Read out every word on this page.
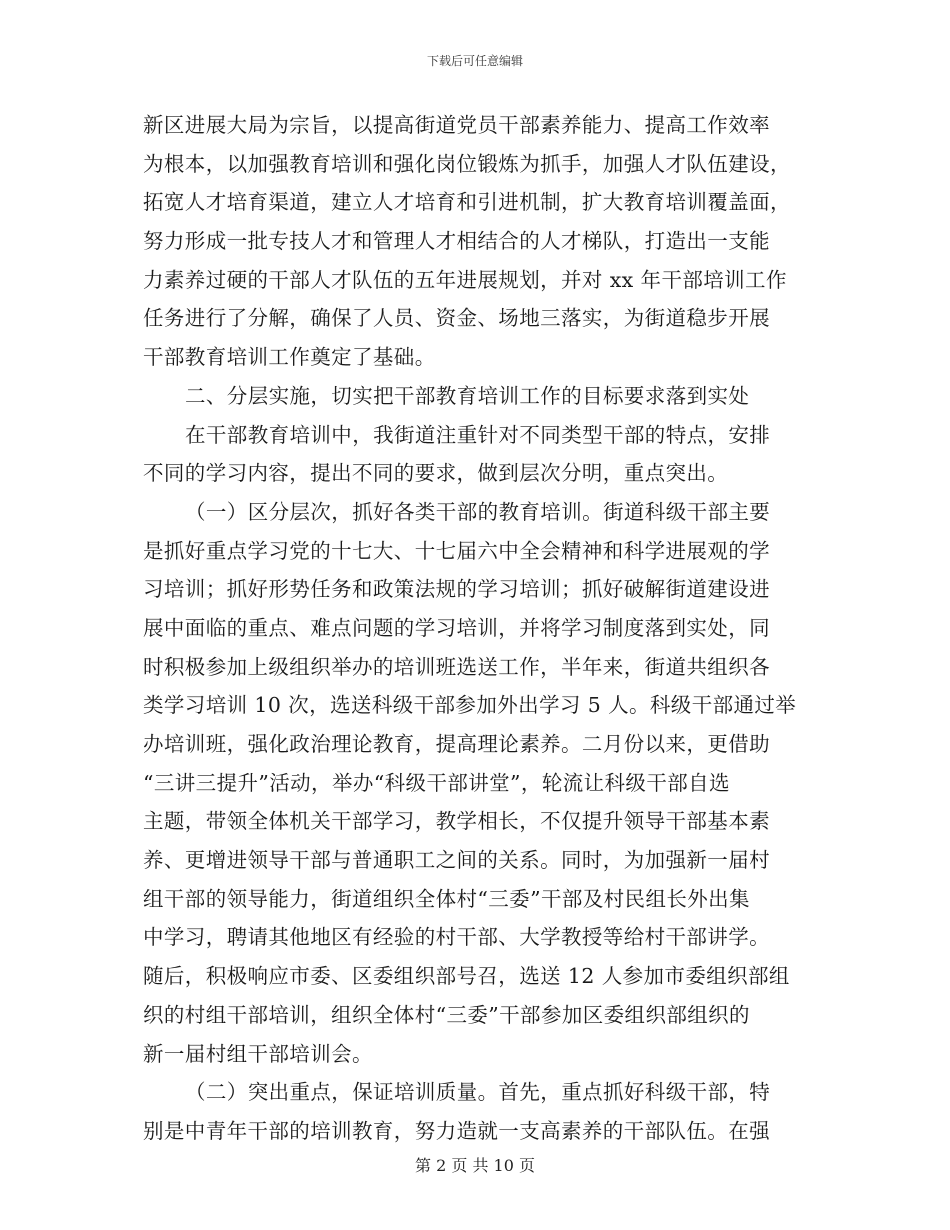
下载后可任意编辑
新区进展大局为宗旨，以提高街道党员干部素养能力、提高工作效率
为根本，以加强教育培训和强化岗位锻炼为抓手，加强人才队伍建设，
拓宽人才培育渠道，建立人才培育和引进机制，扩大教育培训覆盖面，
努力形成一批专技人才和管理人才相结合的人才梯队，打造出一支能
力素养过硬的干部人才队伍的五年进展规划，并对 xx 年干部培训工作
任务进行了分解，确保了人员、资金、场地三落实，为街道稳步开展
干部教育培训工作奠定了基础。
二、分层实施，切实把干部教育培训工作的目标要求落到实处
在干部教育培训中，我街道注重针对不同类型干部的特点，安排
不同的学习内容，提出不同的要求，做到层次分明，重点突出。
（一）区分层次，抓好各类干部的教育培训。街道科级干部主要
是抓好重点学习党的十七大、十七届六中全会精神和科学进展观的学
习培训；抓好形势任务和政策法规的学习培训；抓好破解街道建设进
展中面临的重点、难点问题的学习培训，并将学习制度落到实处，同
时积极参加上级组织举办的培训班选送工作，半年来，街道共组织各
类学习培训 10 次，选送科级干部参加外出学习 5 人。科级干部通过举
办培训班，强化政治理论教育，提高理论素养。二月份以来，更借助
“三讲三提升”活动，举办“科级干部讲堂”，轮流让科级干部自选
主题，带领全体机关干部学习，教学相长，不仅提升领导干部基本素
养、更增进领导干部与普通职工之间的关系。同时，为加强新一届村
组干部的领导能力，街道组织全体村“三委”干部及村民组长外出集
中学习，聘请其他地区有经验的村干部、大学教授等给村干部讲学。
随后，积极响应市委、区委组织部号召，选送 12 人参加市委组织部组
织的村组干部培训，组织全体村“三委”干部参加区委组织部组织的
新一届村组干部培训会。
（二）突出重点，保证培训质量。首先，重点抓好科级干部，特
别是中青年干部的培训教育，努力造就一支高素养的干部队伍。在强
第 2 页 共 10 页
